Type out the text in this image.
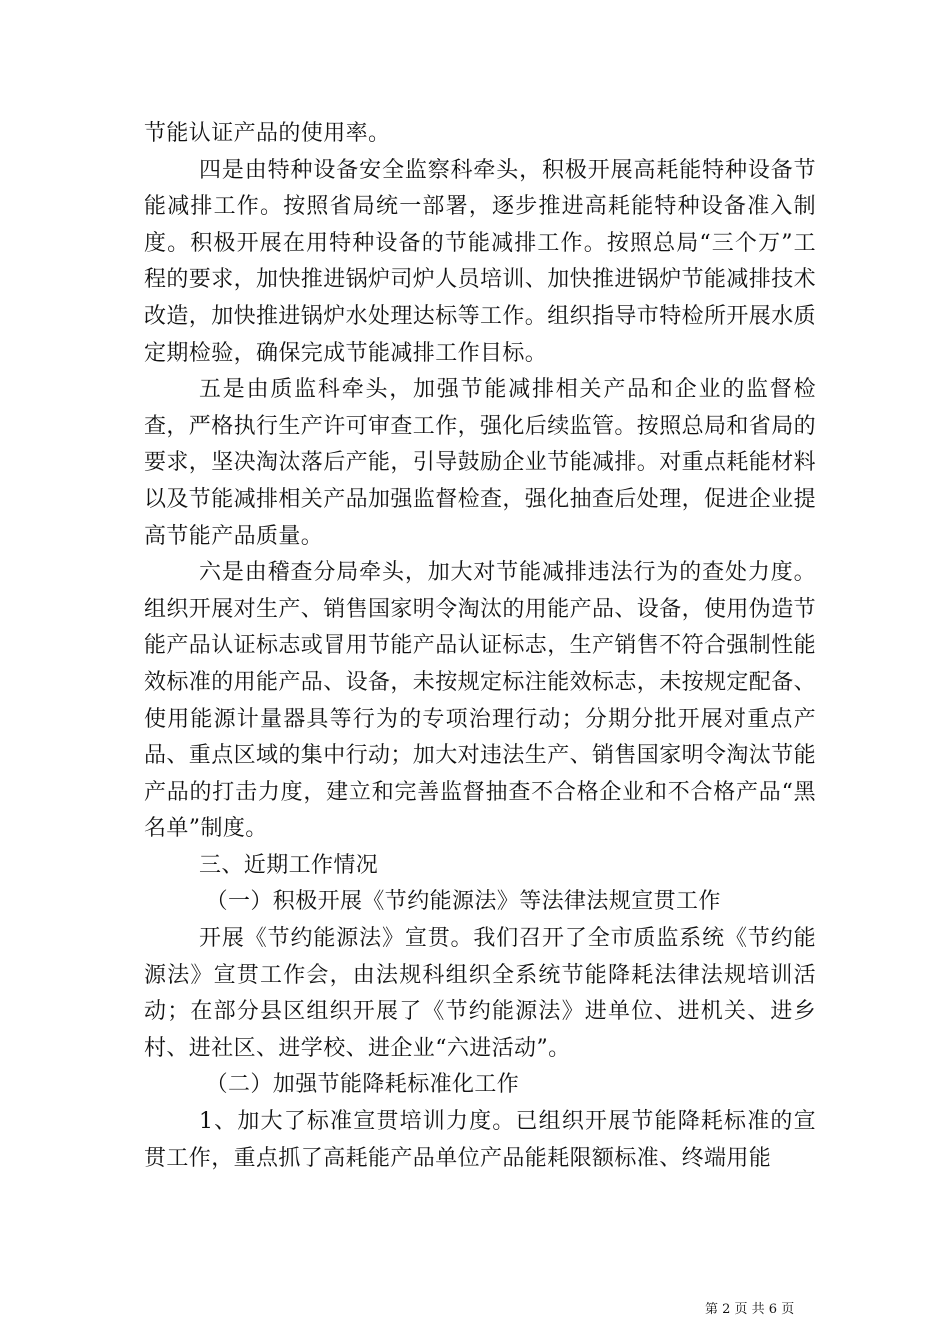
节能认证产品的使用率。

四是由特种设备安全监察科牵头，积极开展高耗能特种设备节能减排工作。按照省局统一部署，逐步推进高耗能特种设备准入制度。积极开展在用特种设备的节能减排工作。按照总局“三个万”工程的要求，加快推进锅炉司炉人员培训、加快推进锅炉节能减排技术改造，加快推进锅炉水处理达标等工作。组织指导市特检所开展水质定期检验，确保完成节能减排工作目标。

五是由质监科牵头，加强节能减排相关产品和企业的监督检查，严格执行生产许可审查工作，强化后续监管。按照总局和省局的要求，坚决淘汰落后产能，引导鼓励企业节能减排。对重点耗能材料以及节能减排相关产品加强监督检查，强化抽查后处理，促进企业提高节能产品质量。

六是由稽查分局牵头，加大对节能减排违法行为的查处力度。组织开展对生产、销售国家明令淘汰的用能产品、设备，使用伪造节能产品认证标志或冒用节能产品认证标志，生产销售不符合强制性能效标准的用能产品、设备，未按规定标注能效标志，未按规定配备、使用能源计量器具等行为的专项治理行动；分期分批开展对重点产品、重点区域的集中行动；加大对违法生产、销售国家明令淘汰节能产品的打击力度，建立和完善监督抽查不合格企业和不合格产品“黑名单”制度。

三、近期工作情况

（一）积极开展《节约能源法》等法律法规宣贯工作

开展《节约能源法》宣贯。我们召开了全市质监系统《节约能源法》宣贯工作会，由法规科组织全系统节能降耗法律法规培训活动；在部分县区组织开展了《节约能源法》进单位、进机关、进乡村、进社区、进学校、进企业“六进活动”。

（二）加强节能降耗标准化工作

1、加大了标准宣贯培训力度。已组织开展节能降耗标准的宣贯工作，重点抓了高耗能产品单位产品能耗限额标准、终端用能

第 2 页 共 6 页
